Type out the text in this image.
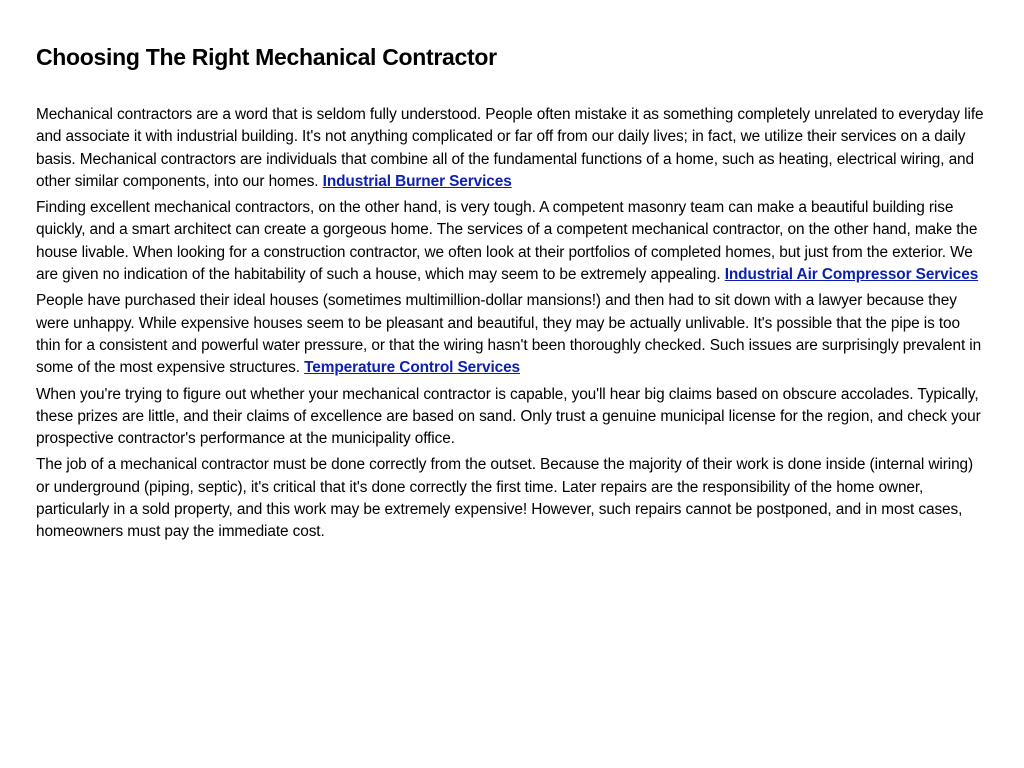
Choosing The Right Mechanical Contractor

Mechanical contractors are a word that is seldom fully understood. People often mistake it as something completely unrelated to everyday life and associate it with industrial building. It's not anything complicated or far off from our daily lives; in fact, we utilize their services on a daily basis. Mechanical contractors are individuals that combine all of the fundamental functions of a home, such as heating, electrical wiring, and other similar components, into our homes. Industrial Burner Services

Finding excellent mechanical contractors, on the other hand, is very tough. A competent masonry team can make a beautiful building rise quickly, and a smart architect can create a gorgeous home. The services of a competent mechanical contractor, on the other hand, make the house livable. When looking for a construction contractor, we often look at their portfolios of completed homes, but just from the exterior. We are given no indication of the habitability of such a house, which may seem to be extremely appealing. Industrial Air Compressor Services

People have purchased their ideal houses (sometimes multimillion-dollar mansions!) and then had to sit down with a lawyer because they were unhappy. While expensive houses seem to be pleasant and beautiful, they may be actually unlivable. It's possible that the pipe is too thin for a consistent and powerful water pressure, or that the wiring hasn't been thoroughly checked. Such issues are surprisingly prevalent in some of the most expensive structures. Temperature Control Services

When you're trying to figure out whether your mechanical contractor is capable, you'll hear big claims based on obscure accolades. Typically, these prizes are little, and their claims of excellence are based on sand. Only trust a genuine municipal license for the region, and check your prospective contractor's performance at the municipality office.

The job of a mechanical contractor must be done correctly from the outset. Because the majority of their work is done inside (internal wiring) or underground (piping, septic), it's critical that it's done correctly the first time. Later repairs are the responsibility of the home owner, particularly in a sold property, and this work may be extremely expensive! However, such repairs cannot be postponed, and in most cases, homeowners must pay the immediate cost.
